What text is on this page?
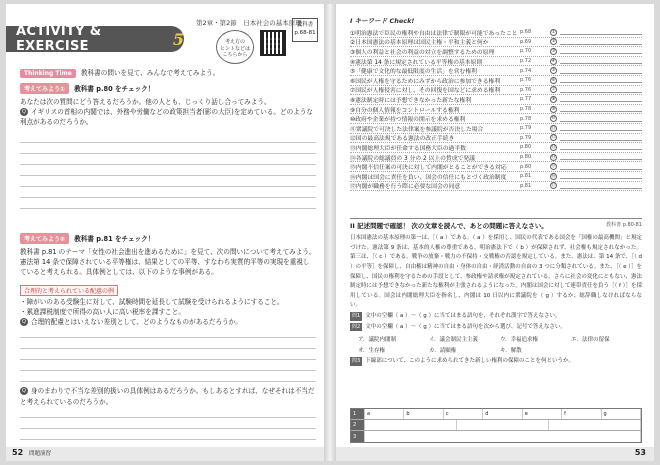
ACTIVITY & EXERCISE	5
第2章・第2節　日本社会の基本原理
考え方の
ヒントなどは
こちらから
教科書
p.68-81
Thinking Time 教科書の問いを見て、みんなで考えてみよう。
考えてみよう① 教科書 p.80 をチェック！

あなたは次の質問にどう答えるだろうか。他の人とも、じっくり話し合ってみよう。

Q イギリスの首相の内閣では、外務や労働などの政策担当者(影の大臣)を定めている。どのような利点があるのだろうか。

考えてみよう② 教科書 p.81 をチェック！

教科書 p.81 のテーマ「女性の社会進出を進めるために」を見て、次の問いについて考えてみよう。憲法第 14 条で保障されている平等権は、結果としての平等、すなわち実質的平等の実現を重視していると考えられる。具体例としては、以下のような事例がある。

合理的と考えられている配慮の例

・障がいのある受験生に対して、試験時間を延長して試験を受けられるようにすること。

・累進課税制度で所得の高い人に高い税率を課すこと。

Q 合理的配慮とはいえない差別として、どのようなものがあるだろうか。

Q 身のまわりで不当な差別的扱いの具体例はあるだろうか。もしあるとすれば、なぜそれは不当だと考えられているのだろうか。

52 問題演習
I キーワード Check!
①明治憲法で臣民の権利や自由は法律で制限が可能であったこと p.68	①
②日本国憲法の基本原理は国民主権・平和主義と何か	p.69	②
③個人の利益と社会の利益の対立を調整するための原理	p.70	③
④憲法第 14 条に規定されている平等権の基本原則	p.72	④
⑤「健康で文化的な最低限度の生活」を営む権利	p.74	⑤
⑥国民が人権を守るためにみずから政治に参加できる権利	p.76	⑥
⑦国民が人権侵害に対し、その回復を国などに求める権利	p.76	⑦
⑧憲法制定時には予想できなかった新たな権利	p.77	⑧
⑨自分の個人情報をコントロールする権利	p.78	⑨
⑩政府や企業が持つ情報の開示を求める権利	p.78	⑩
⑪衆議院で可決した法律案を参議院が否決した場合	p.79	⑪
⑫国の最高法規である憲法の改正手続き	p.79	⑫
⑬内閣総理大臣が任命する国務大臣の過半数	p.80	⑬
⑭各議院の総議員の 3 分の 2 以上の賛成で発議	p.80	⑭
⑮内閣不信任案の可決に対して内閣がとることができる対応	p.80	⑮
⑯内閣は国会に責任を負い、国会の信任にもとづく政治制度	p.81	⑯
⑰内閣が職務を行う際に必要な国会の同意	p.81	⑰
II 記述問題で確認！ 次の文章を読んで、あとの問題に答えなさい。	教科書 p.80-81

日本国憲法の基本原理の第一は、［（ a ）である。（ a ）を採用し、国民の代表である国会を「国権の最高機関」と規定づけた。憲法第 9 条は、基本的人権の尊重である。明治憲法下で（ b ）が保障されず、社会権も規定されなかった。第三は、［（ c ）である。戦争の放棄・戦力の不保持・交戦権の否認を規定している。また、憲法は、第 14 条で、［（ d ）の平等］を保障し、自由権は精神の自由・身体の自由・経済活動の自由の 3 つに分類されている。また、［（ e ）］を保障し、国民の権利を守るための手段として、参政権や請求権が規定されている。さらに社会の変化にともない、憲法制定時には予想できなかった新たな権利が主張されるようになった。内閣は国会に対して連帯責任を負う［（ f ）］を採用している。国会は内閣総理大臣を指名し、内閣は 10 日以内に衆議院を（ g ）するか、総辞職しなければならない。

問1 文中の空欄（ a ）〜（ g ）に当てはまる語句を、それぞれ漢字で答えなさい。

問2 文中の空欄（ a ）〜（ g ）に当てはまる語句を次から選び、記号で答えなさい。

ア．議院内閣制	イ．議会制民主主義	ウ．幸福追求権	エ．法律の留保
オ．生存権	カ．請願権	キ．解散

問3 下線部について、このように求められてきた新しい権利の保障のことを何というか。

1	a	b	c	d	e	f	g
2
3
53
